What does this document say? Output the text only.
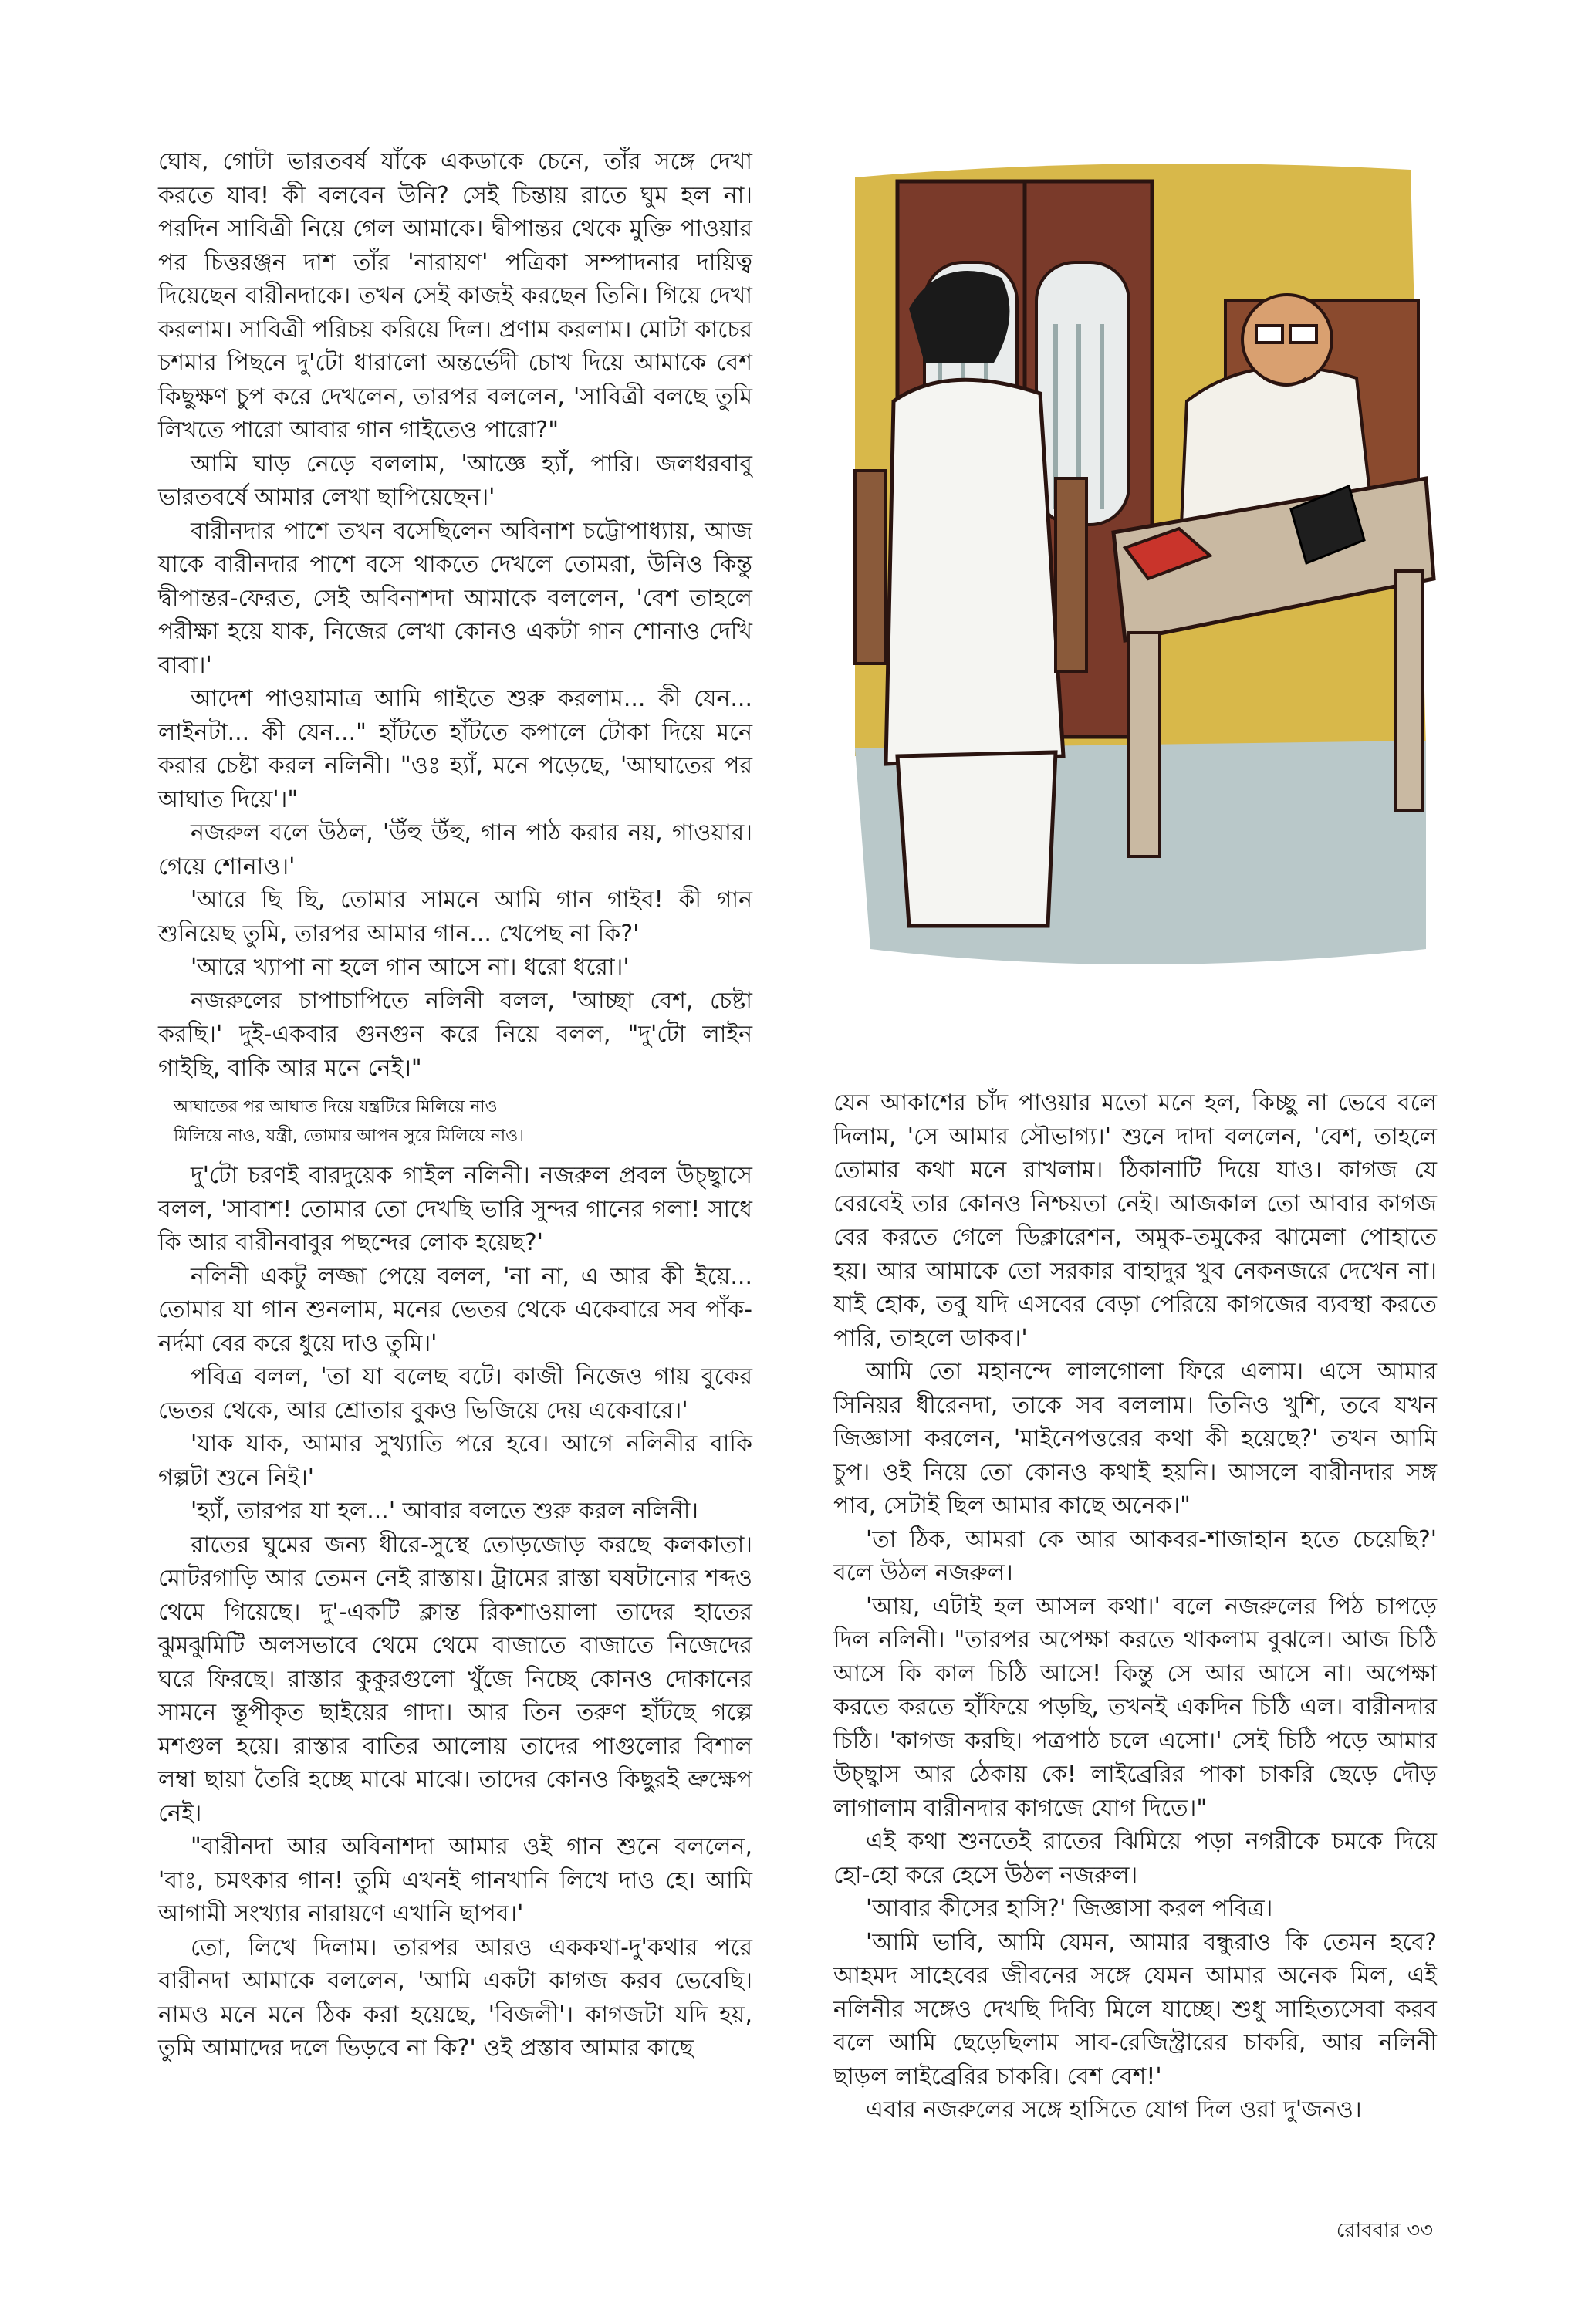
ঘোষ, গোটা ভারতবর্ষ যাঁকে একডাকে চেনে, তাঁর সঙ্গে দেখা করতে যাব! কী বলবেন উনি? সেই চিন্তায় রাতে ঘুম হল না। পরদিন সাবিত্রী নিয়ে গেল আমাকে। দ্বীপান্তর থেকে মুক্তি পাওয়ার পর চিত্তরঞ্জন দাশ তাঁর 'নারায়ণ' পত্রিকা সম্পাদনার দায়িত্ব দিয়েছেন বারীনদাকে। তখন সেই কাজই করছেন তিনি। গিয়ে দেখা করলাম। সাবিত্রী পরিচয় করিয়ে দিল। প্রণাম করলাম। মোটা কাচের চশমার পিছনে দু'টো ধারালো অন্তর্ভেদী চোখ দিয়ে আমাকে বেশ কিছুক্ষণ চুপ করে দেখলেন, তারপর বললেন, 'সাবিত্রী বলছে তুমি লিখতে পারো আবার গান গাইতেও পারো?"

আমি ঘাড় নেড়ে বললাম, 'আজ্ঞে হ্যাঁ, পারি। জলধরবাবু ভারতবর্ষে আমার লেখা ছাপিয়েছেন।'

বারীনদার পাশে তখন বসেছিলেন অবিনাশ চট্টোপাধ্যায়, আজ যাকে বারীনদার পাশে বসে থাকতে দেখলে তোমরা, উনিও কিন্তু দ্বীপান্তর-ফেরত, সেই অবিনাশদা আমাকে বললেন, 'বেশ তাহলে পরীক্ষা হয়ে যাক, নিজের লেখা কোনও একটা গান শোনাও দেখি বাবা।'

আদেশ পাওয়ামাত্র আমি গাইতে শুরু করলাম... কী যেন... লাইনটা... কী যেন..." হাঁটতে হাঁটতে কপালে টোকা দিয়ে মনে করার চেষ্টা করল নলিনী। "ওঃ হ্যাঁ, মনে পড়েছে, 'আঘাতের পর আঘাত দিয়ে'।"

নজরুল বলে উঠল, 'উঁহু উঁহু, গান পাঠ করার নয়, গাওয়ার। গেয়ে শোনাও।'

'আরে ছি ছি, তোমার সামনে আমি গান গাইব! কী গান শুনিয়েছ তুমি, তারপর আমার গান... খেপেছ না কি?'

'আরে খ্যাপা না হলে গান আসে না। ধরো ধরো।'

নজরুলের চাপাচাপিতে নলিনী বলল, 'আচ্ছা বেশ, চেষ্টা করছি।' দুই-একবার গুনগুন করে নিয়ে বলল, "দু'টো লাইন গাইছি, বাকি আর মনে নেই।"

আঘাতের পর আঘাত দিয়ে যন্ত্রটিরে মিলিয়ে নাও
মিলিয়ে নাও, যন্ত্রী, তোমার আপন সুরে মিলিয়ে নাও।

দু'টো চরণই বারদুয়েক গাইল নলিনী। নজরুল প্রবল উচ্ছ্বাসে বলল, 'সাবাশ! তোমার তো দেখছি ভারি সুন্দর গানের গলা! সাধে কি আর বারীনবাবুর পছন্দের লোক হয়েছ?'

নলিনী একটু লজ্জা পেয়ে বলল, 'না না, এ আর কী ইয়ে... তোমার যা গান শুনলাম, মনের ভেতর থেকে একেবারে সব পাঁক-নর্দমা বের করে ধুয়ে দাও তুমি।'

পবিত্র বলল, 'তা যা বলেছ বটে। কাজী নিজেও গায় বুকের ভেতর থেকে, আর শ্রোতার বুকও ভিজিয়ে দেয় একেবারে।'

'যাক যাক, আমার সুখ্যাতি পরে হবে। আগে নলিনীর বাকি গল্পটা শুনে নিই।'

'হ্যাঁ, তারপর যা হল...' আবার বলতে শুরু করল নলিনী।

রাতের ঘুমের জন্য ধীরে-সুস্থে তোড়জোড় করছে কলকাতা। মোটরগাড়ি আর তেমন নেই রাস্তায়। ট্রামের রাস্তা ঘষটানোর শব্দও থেমে গিয়েছে। দু'-একটি ক্লান্ত রিকশাওয়ালা তাদের হাতের ঝুমঝুমিটি অলসভাবে থেমে থেমে বাজাতে বাজাতে নিজেদের ঘরে ফিরছে। রাস্তার কুকুরগুলো খুঁজে নিচ্ছে কোনও দোকানের সামনে স্তূপীকৃত ছাইয়ের গাদা। আর তিন তরুণ হাঁটছে গল্পে মশগুল হয়ে। রাস্তার বাতির আলোয় তাদের পাগুলোর বিশাল লম্বা ছায়া তৈরি হচ্ছে মাঝে মাঝে। তাদের কোনও কিছুরই ভ্রুক্ষেপ নেই।

"বারীনদা আর অবিনাশদা আমার ওই গান শুনে বললেন, 'বাঃ, চমৎকার গান! তুমি এখনই গানখানি লিখে দাও হে। আমি আগামী সংখ্যার নারায়ণে এখানি ছাপব।'

তো, লিখে দিলাম। তারপর আরও এককথা-দু'কথার পরে বারীনদা আমাকে বললেন, 'আমি একটা কাগজ করব ভেবেছি। নামও মনে মনে ঠিক করা হয়েছে, 'বিজলী'। কাগজটা যদি হয়, তুমি আমাদের দলে ভিড়বে না কি?' ওই প্রস্তাব আমার কাছে

যেন আকাশের চাঁদ পাওয়ার মতো মনে হল, কিচ্ছু না ভেবে বলে দিলাম, 'সে আমার সৌভাগ্য।' শুনে দাদা বললেন, 'বেশ, তাহলে তোমার কথা মনে রাখলাম। ঠিকানাটি দিয়ে যাও। কাগজ যে বেরবেই তার কোনও নিশ্চয়তা নেই। আজকাল তো আবার কাগজ বের করতে গেলে ডিক্লারেশন, অমুক-তমুকের ঝামেলা পোহাতে হয়। আর আমাকে তো সরকার বাহাদুর খুব নেকনজরে দেখেন না। যাই হোক, তবু যদি এসবের বেড়া পেরিয়ে কাগজের ব্যবস্থা করতে পারি, তাহলে ডাকব।'

আমি তো মহানন্দে লালগোলা ফিরে এলাম। এসে আমার সিনিয়র ধীরেনদা, তাকে সব বললাম। তিনিও খুশি, তবে যখন জিজ্ঞাসা করলেন, 'মাইনেপত্তরের কথা কী হয়েছে?' তখন আমি চুপ। ওই নিয়ে তো কোনও কথাই হয়নি। আসলে বারীনদার সঙ্গ পাব, সেটাই ছিল আমার কাছে অনেক।"

'তা ঠিক, আমরা কে আর আকবর-শাজাহান হতে চেয়েছি?' বলে উঠল নজরুল।

'আয়, এটাই হল আসল কথা।' বলে নজরুলের পিঠ চাপড়ে দিল নলিনী। "তারপর অপেক্ষা করতে থাকলাম বুঝলে। আজ চিঠি আসে কি কাল চিঠি আসে! কিন্তু সে আর আসে না। অপেক্ষা করতে করতে হাঁফিয়ে পড়ছি, তখনই একদিন চিঠি এল। বারীনদার চিঠি। 'কাগজ করছি। পত্রপাঠ চলে এসো।' সেই চিঠি পড়ে আমার উচ্ছ্বাস আর ঠেকায় কে! লাইব্রেরির পাকা চাকরি ছেড়ে দৌড় লাগালাম বারীনদার কাগজে যোগ দিতে।"

এই কথা শুনতেই রাতের ঝিমিয়ে পড়া নগরীকে চমকে দিয়ে হো-হো করে হেসে উঠল নজরুল।

'আবার কীসের হাসি?' জিজ্ঞাসা করল পবিত্র।

'আমি ভাবি, আমি যেমন, আমার বন্ধুরাও কি তেমন হবে? আহমদ সাহেবের জীবনের সঙ্গে যেমন আমার অনেক মিল, এই নলিনীর সঙ্গেও দেখছি দিব্যি মিলে যাচ্ছে। শুধু সাহিত্যসেবা করব বলে আমি ছেড়েছিলাম সাব-রেজিস্ট্রারের চাকরি, আর নলিনী ছাড়ল লাইব্রেরির চাকরি। বেশ বেশ!'

এবার নজরুলের সঙ্গে হাসিতে যোগ দিল ওরা দু'জনও।

রোববার ৩৩
